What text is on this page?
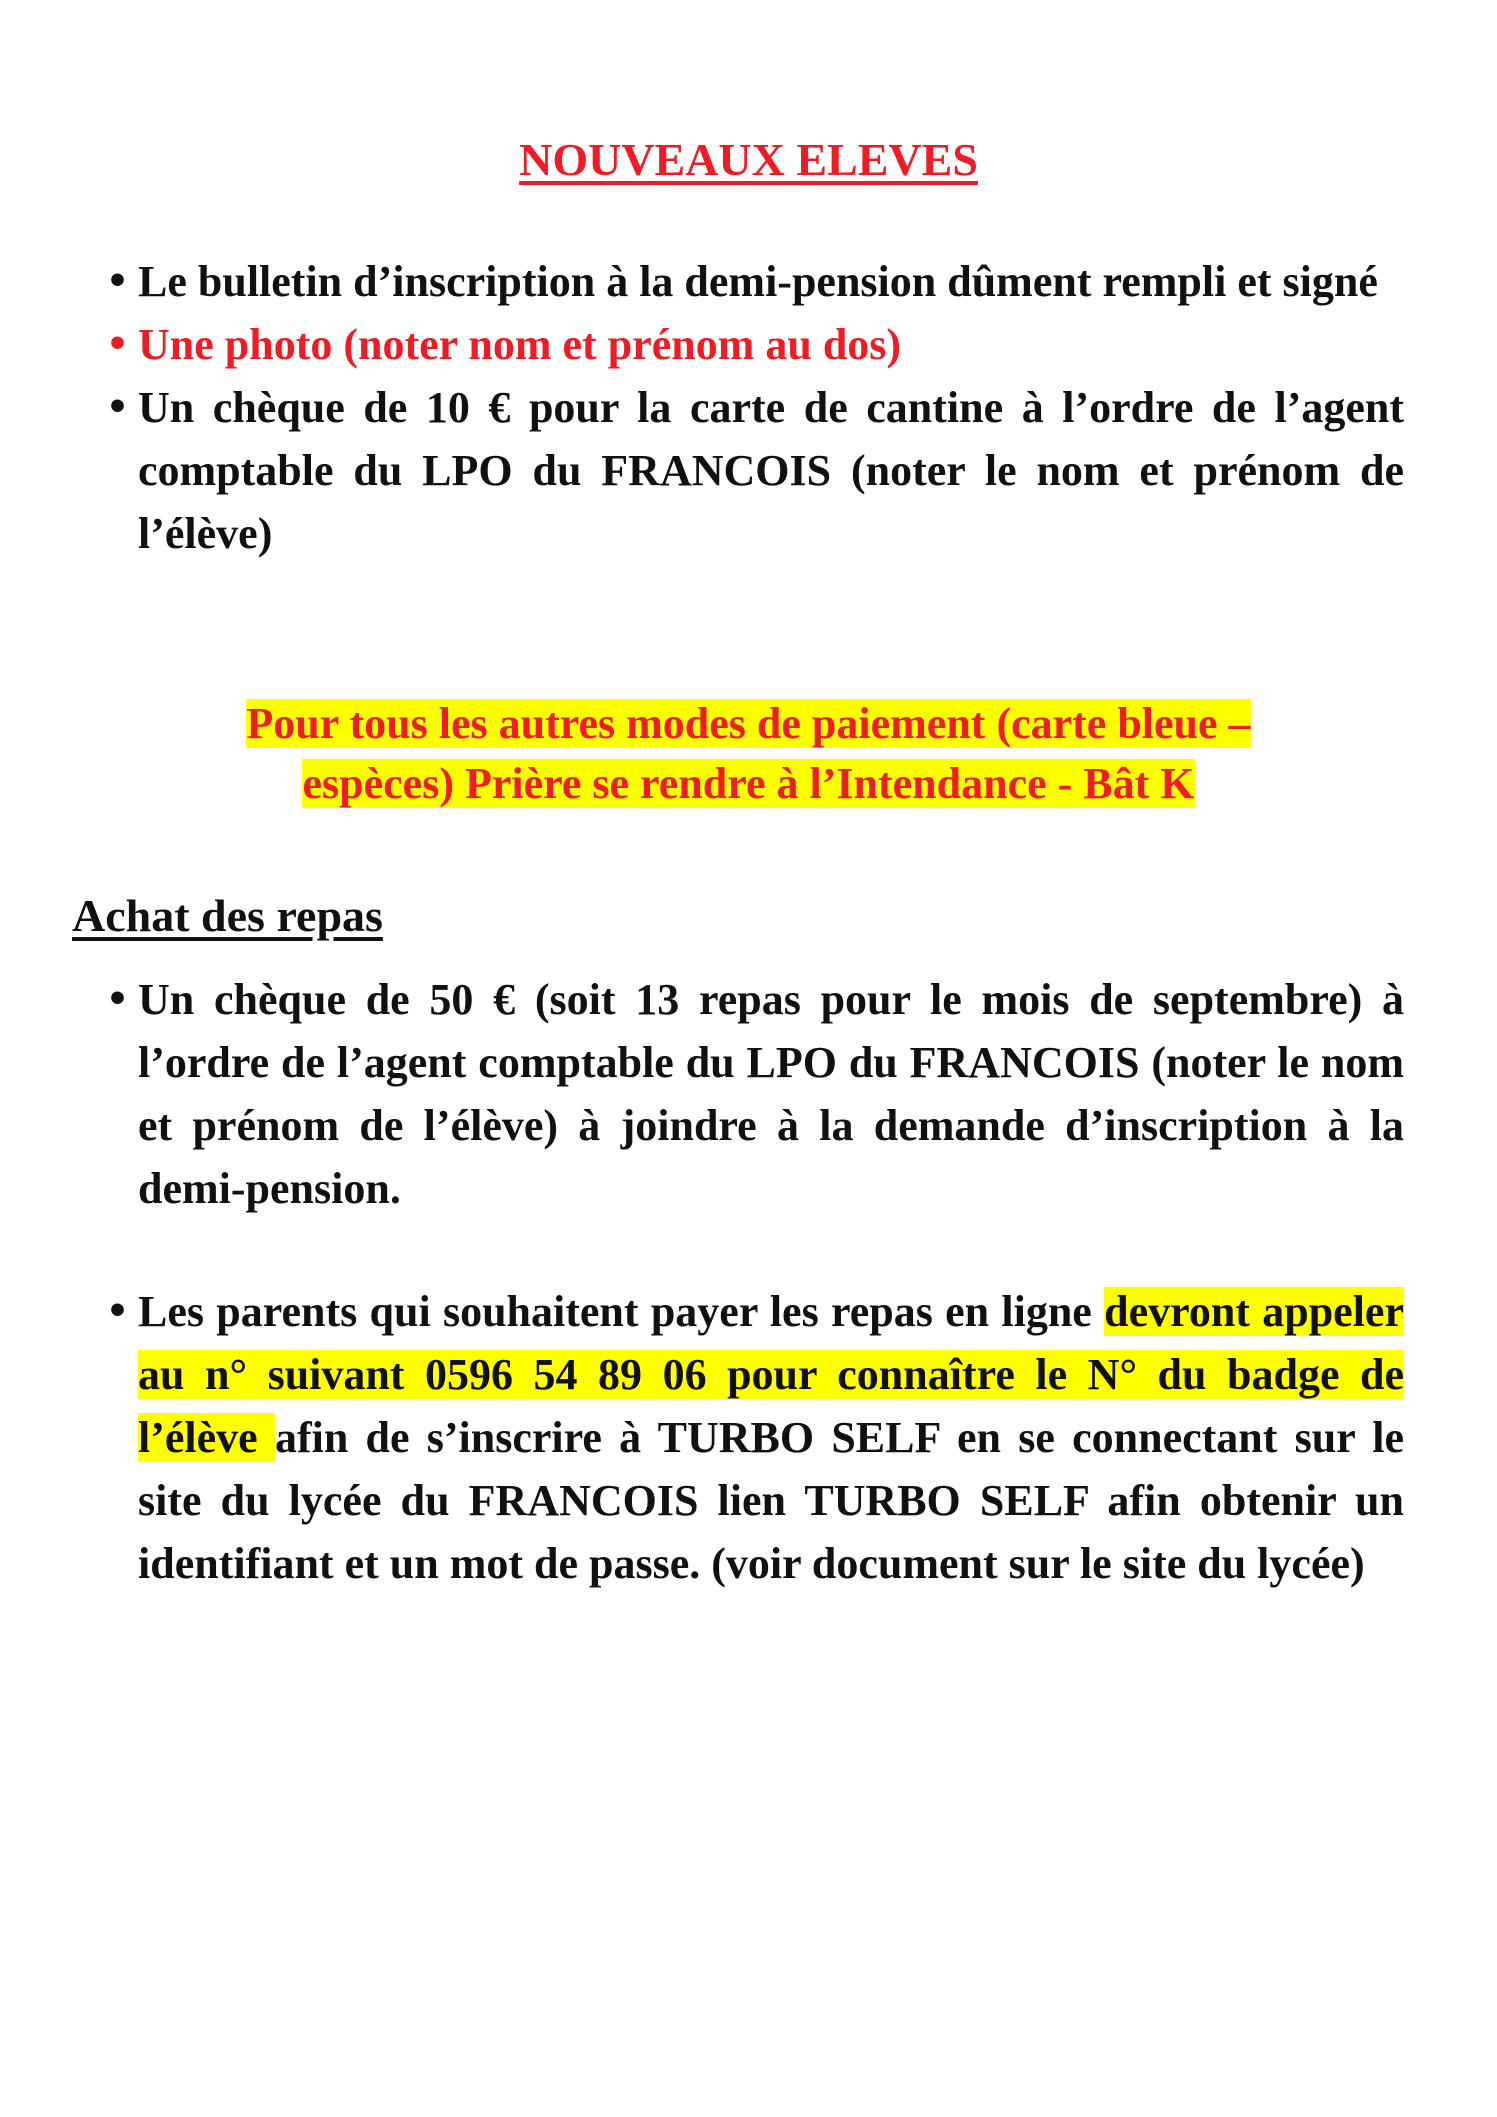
NOUVEAUX ELEVES
• Le bulletin d’inscription à la demi-pension dûment rempli et signé
• Une photo (noter nom et prénom au dos)
• Un chèque de 10 € pour la carte de cantine à l’ordre de l’agent comptable du LPO du FRANCOIS (noter le nom et prénom de l’élève)
Pour tous les autres modes de paiement (carte bleue –
espèces) Prière se rendre à l’Intendance - Bât K
Achat des repas
• Un chèque de 50 € (soit 13 repas pour le mois de septembre) à l’ordre de l’agent comptable du LPO du FRANCOIS (noter le nom et prénom de l’élève) à joindre à la demande d’inscription à la demi-pension.
• Les parents qui souhaitent payer les repas en ligne devront appeler au n° suivant 0596 54 89 06 pour connaître le N° du badge de l’élève afin de s’inscrire à TURBO SELF en se connectant sur le site du lycée du FRANCOIS lien TURBO SELF afin obtenir un identifiant et un mot de passe. (voir document sur le site du lycée)
